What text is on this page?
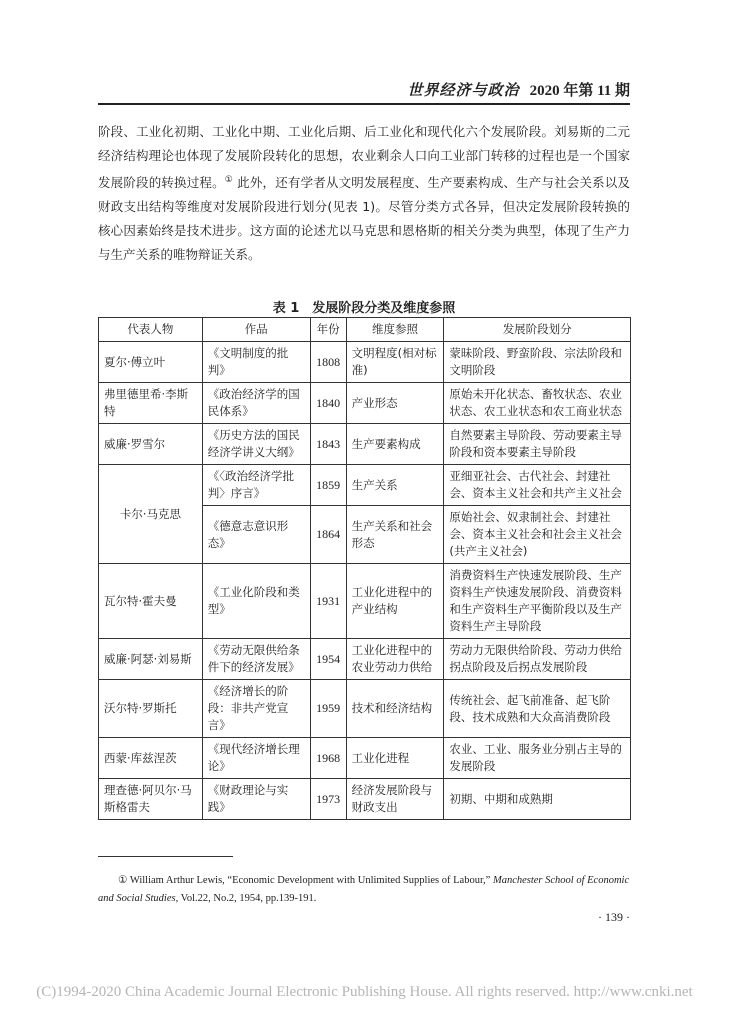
世界经济与政治 2020 年第 11 期
阶段、工业化初期、工业化中期、工业化后期、后工业化和现代化六个发展阶段。刘易斯的二元经济结构理论也体现了发展阶段转化的思想，农业剩余人口向工业部门转移的过程也是一个国家发展阶段的转换过程。① 此外，还有学者从文明发展程度、生产要素构成、生产与社会关系以及财政支出结构等维度对发展阶段进行划分(见表 1)。尽管分类方式各异，但决定发展阶段转换的核心因素始终是技术进步。这方面的论述尤以马克思和恩格斯的相关分类为典型，体现了生产力与生产关系的唯物辩证关系。
表 1　发展阶段分类及维度参照
代表人物	作品	年份	维度参照	发展阶段划分
夏尔·傅立叶	《文明制度的批判》	1808	文明程度(相对标准)	蒙昧阶段、野蛮阶段、宗法阶段和文明阶段
弗里德里希·李斯特	《政治经济学的国民体系》	1840	产业形态	原始未开化状态、畜牧状态、农业状态、农工业状态和农工商业状态
威廉·罗雪尔	《历史方法的国民经济学讲义大纲》	1843	生产要素构成	自然要素主导阶段、劳动要素主导阶段和资本要素主导阶段
卡尔·马克思	《〈政治经济学批判〉序言》	1859	生产关系	亚细亚社会、古代社会、封建社会、资本主义社会和共产主义社会
	《德意志意识形态》	1864	生产关系和社会形态	原始社会、奴隶制社会、封建社会、资本主义社会和社会主义社会(共产主义社会)
瓦尔特·霍夫曼	《工业化阶段和类型》	1931	工业化进程中的产业结构	消费资料生产快速发展阶段、生产资料生产快速发展阶段、消费资料和生产资料生产平衡阶段以及生产资料生产主导阶段
威廉·阿瑟·刘易斯	《劳动无限供给条件下的经济发展》	1954	工业化进程中的农业劳动力供给	劳动力无限供给阶段、劳动力供给拐点阶段及后拐点发展阶段
沃尔特·罗斯托	《经济增长的阶段：非共产党宣言》	1959	技术和经济结构	传统社会、起飞前准备、起飞阶段、技术成熟和大众高消费阶段
西蒙·库兹涅茨	《现代经济增长理论》	1968	工业化进程	农业、工业、服务业分别占主导的发展阶段
理查德·阿贝尔·马斯格雷夫	《财政理论与实践》	1973	经济发展阶段与财政支出	初期、中期和成熟期
① William Arthur Lewis, “Economic Development with Unlimited Supplies of Labour,” Manchester School of Economic and Social Studies, Vol.22, No.2, 1954, pp.139-191.
· 139 ·
(C)1994-2020 China Academic Journal Electronic Publishing House. All rights reserved. http://www.cnki.net
